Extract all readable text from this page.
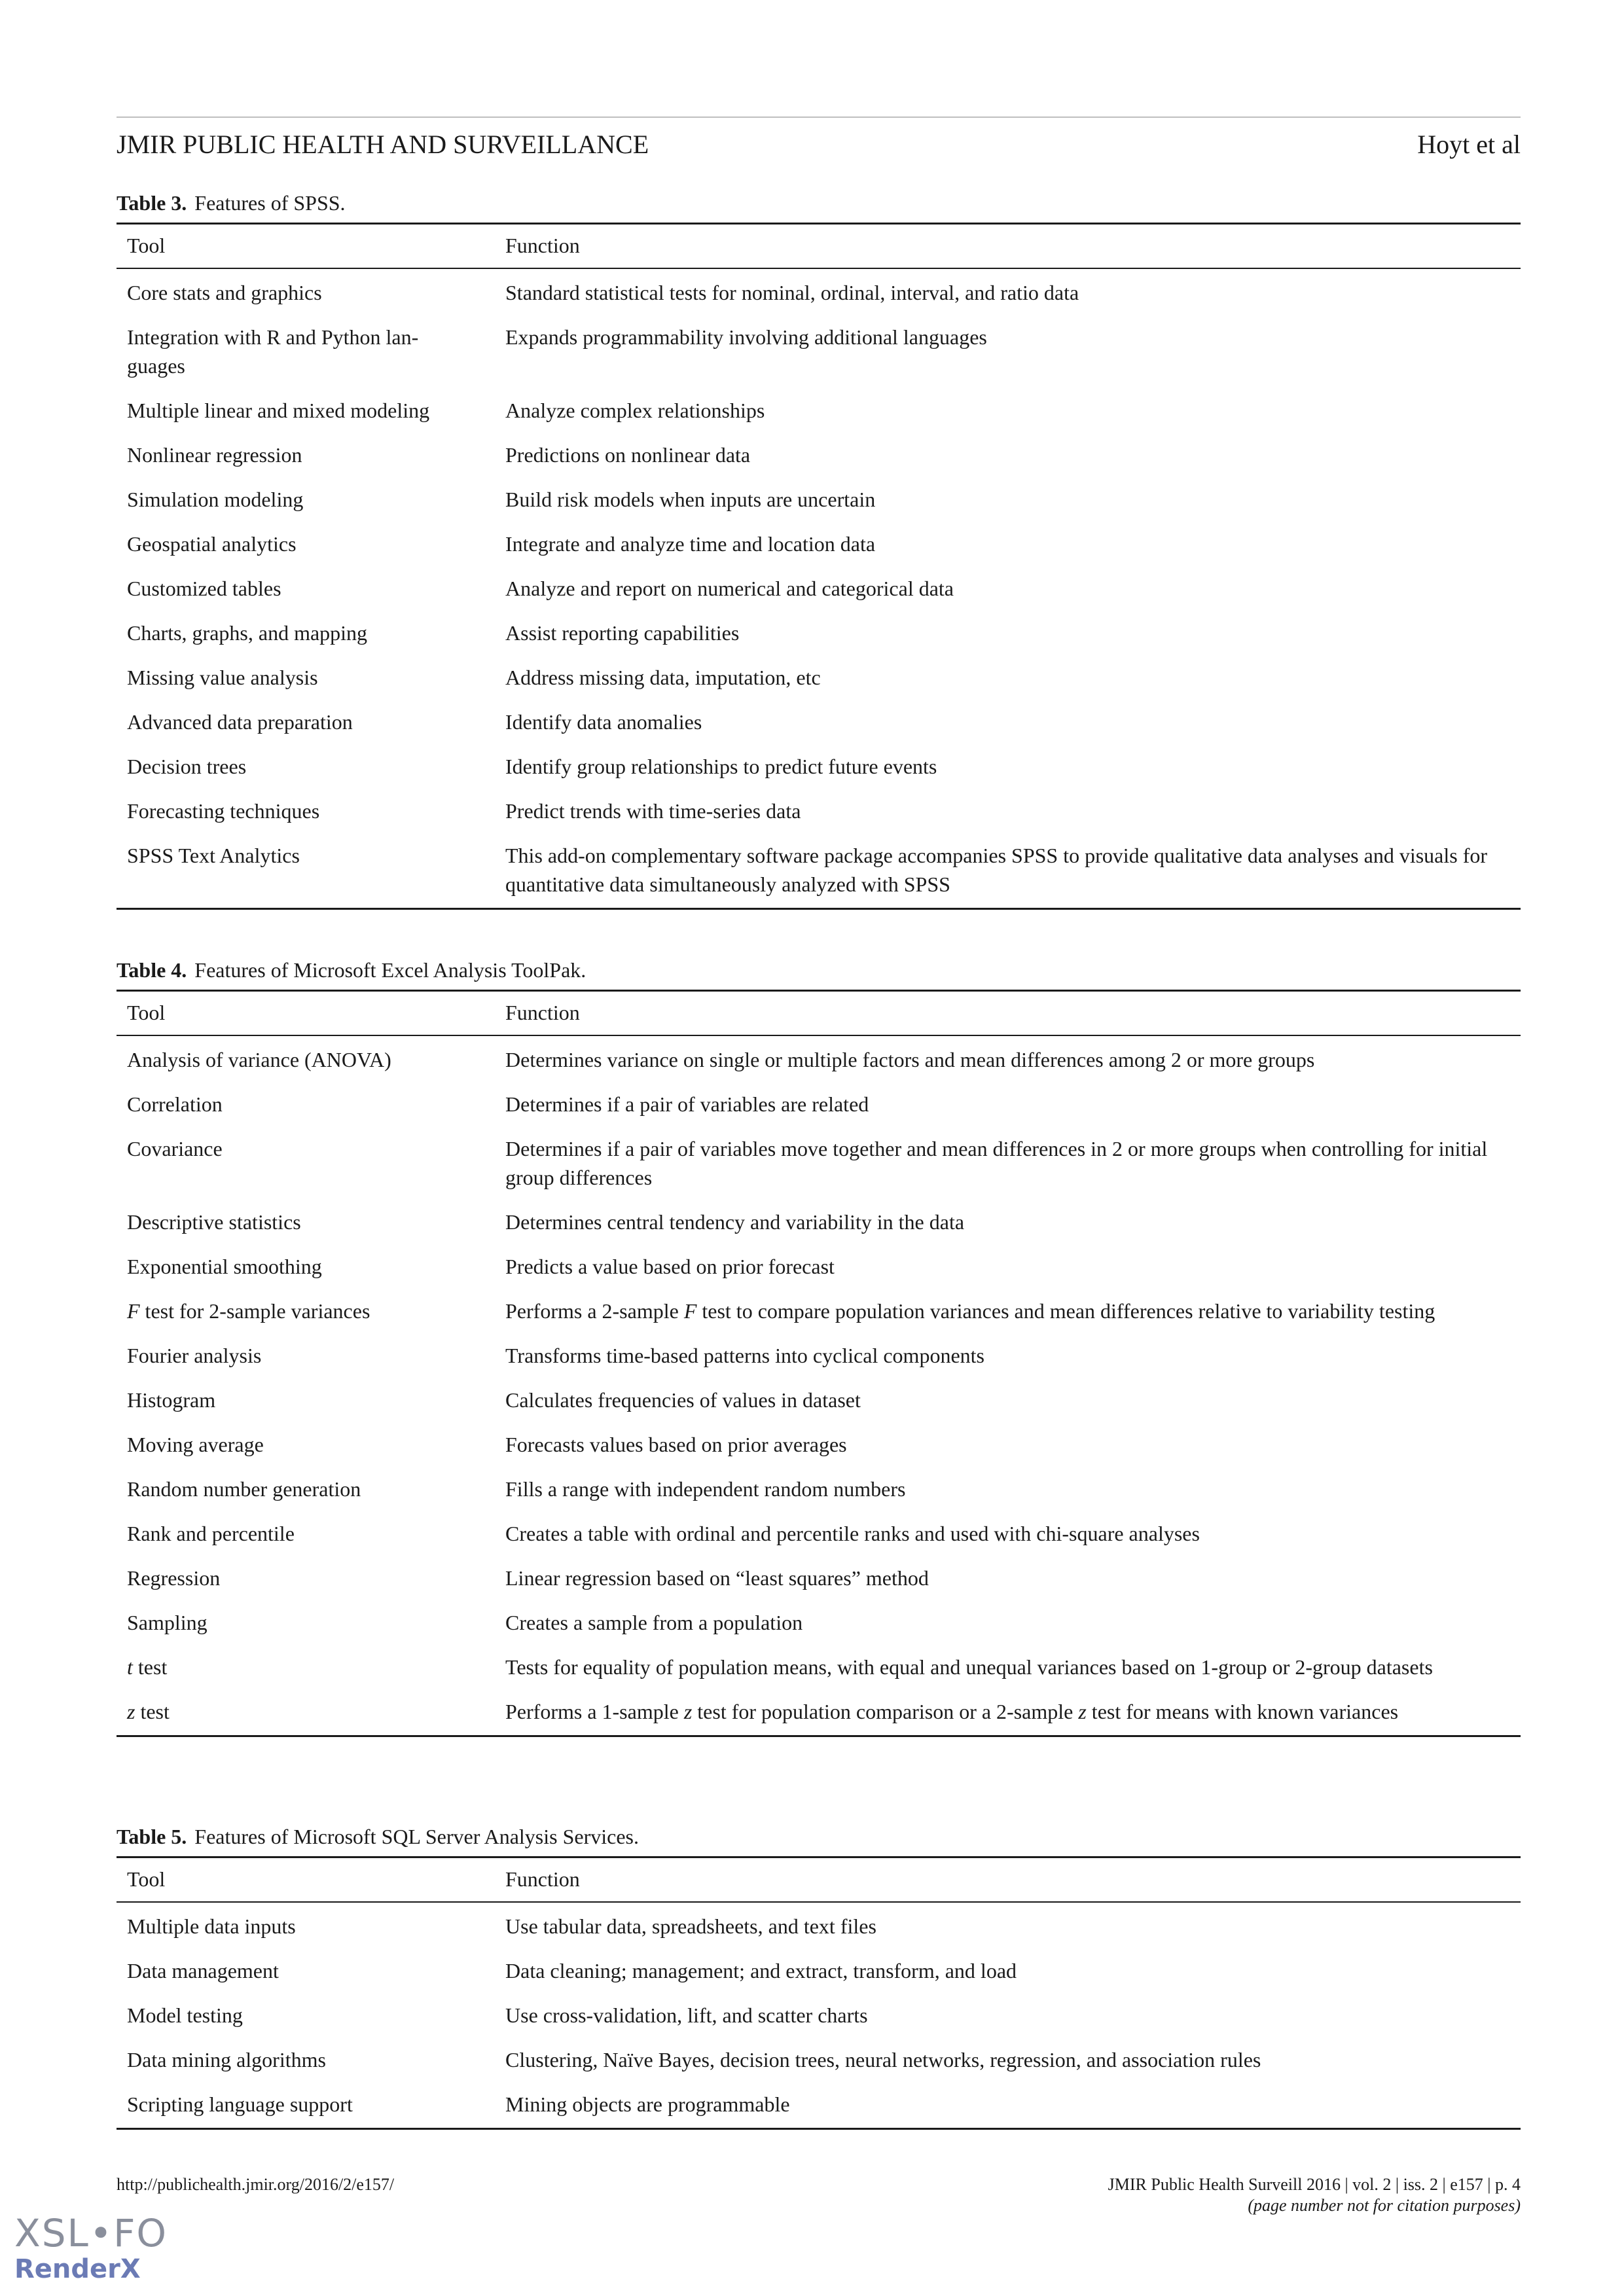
JMIR PUBLIC HEALTH AND SURVEILLANCE	Hoyt et al
Table 3. Features of SPSS.
Tool	Function
Core stats and graphics	Standard statistical tests for nominal, ordinal, interval, and ratio data
Integration with R and Python lan-
guages	Expands programmability involving additional languages
Multiple linear and mixed modeling	Analyze complex relationships
Nonlinear regression	Predictions on nonlinear data
Simulation modeling	Build risk models when inputs are uncertain
Geospatial analytics	Integrate and analyze time and location data
Customized tables	Analyze and report on numerical and categorical data
Charts, graphs, and mapping	Assist reporting capabilities
Missing value analysis	Address missing data, imputation, etc
Advanced data preparation	Identify data anomalies
Decision trees	Identify group relationships to predict future events
Forecasting techniques	Predict trends with time-series data
SPSS Text Analytics	This add-on complementary software package accompanies SPSS to provide qualitative data analyses and visuals for quantitative data simultaneously analyzed with SPSS
Table 4. Features of Microsoft Excel Analysis ToolPak.
Tool	Function
Analysis of variance (ANOVA)	Determines variance on single or multiple factors and mean differences among 2 or more groups
Correlation	Determines if a pair of variables are related
Covariance	Determines if a pair of variables move together and mean differences in 2 or more groups when controlling for initial group differences
Descriptive statistics	Determines central tendency and variability in the data
Exponential smoothing	Predicts a value based on prior forecast
F test for 2-sample variances	Performs a 2-sample F test to compare population variances and mean differences relative to variability testing
Fourier analysis	Transforms time-based patterns into cyclical components
Histogram	Calculates frequencies of values in dataset
Moving average	Forecasts values based on prior averages
Random number generation	Fills a range with independent random numbers
Rank and percentile	Creates a table with ordinal and percentile ranks and used with chi-square analyses
Regression	Linear regression based on “least squares” method
Sampling	Creates a sample from a population
t test	Tests for equality of population means, with equal and unequal variances based on 1-group or 2-group datasets
z test	Performs a 1-sample z test for population comparison or a 2-sample z test for means with known variances
Table 5. Features of Microsoft SQL Server Analysis Services.
Tool	Function
Multiple data inputs	Use tabular data, spreadsheets, and text files
Data management	Data cleaning; management; and extract, transform, and load
Model testing	Use cross-validation, lift, and scatter charts
Data mining algorithms	Clustering, Naïve Bayes, decision trees, neural networks, regression, and association rules
Scripting language support	Mining objects are programmable
http://publichealth.jmir.org/2016/2/e157/	JMIR Public Health Surveill 2016 | vol. 2 | iss. 2 | e157 | p. 4
(page number not for citation purposes)
XSL•FO
RenderX
